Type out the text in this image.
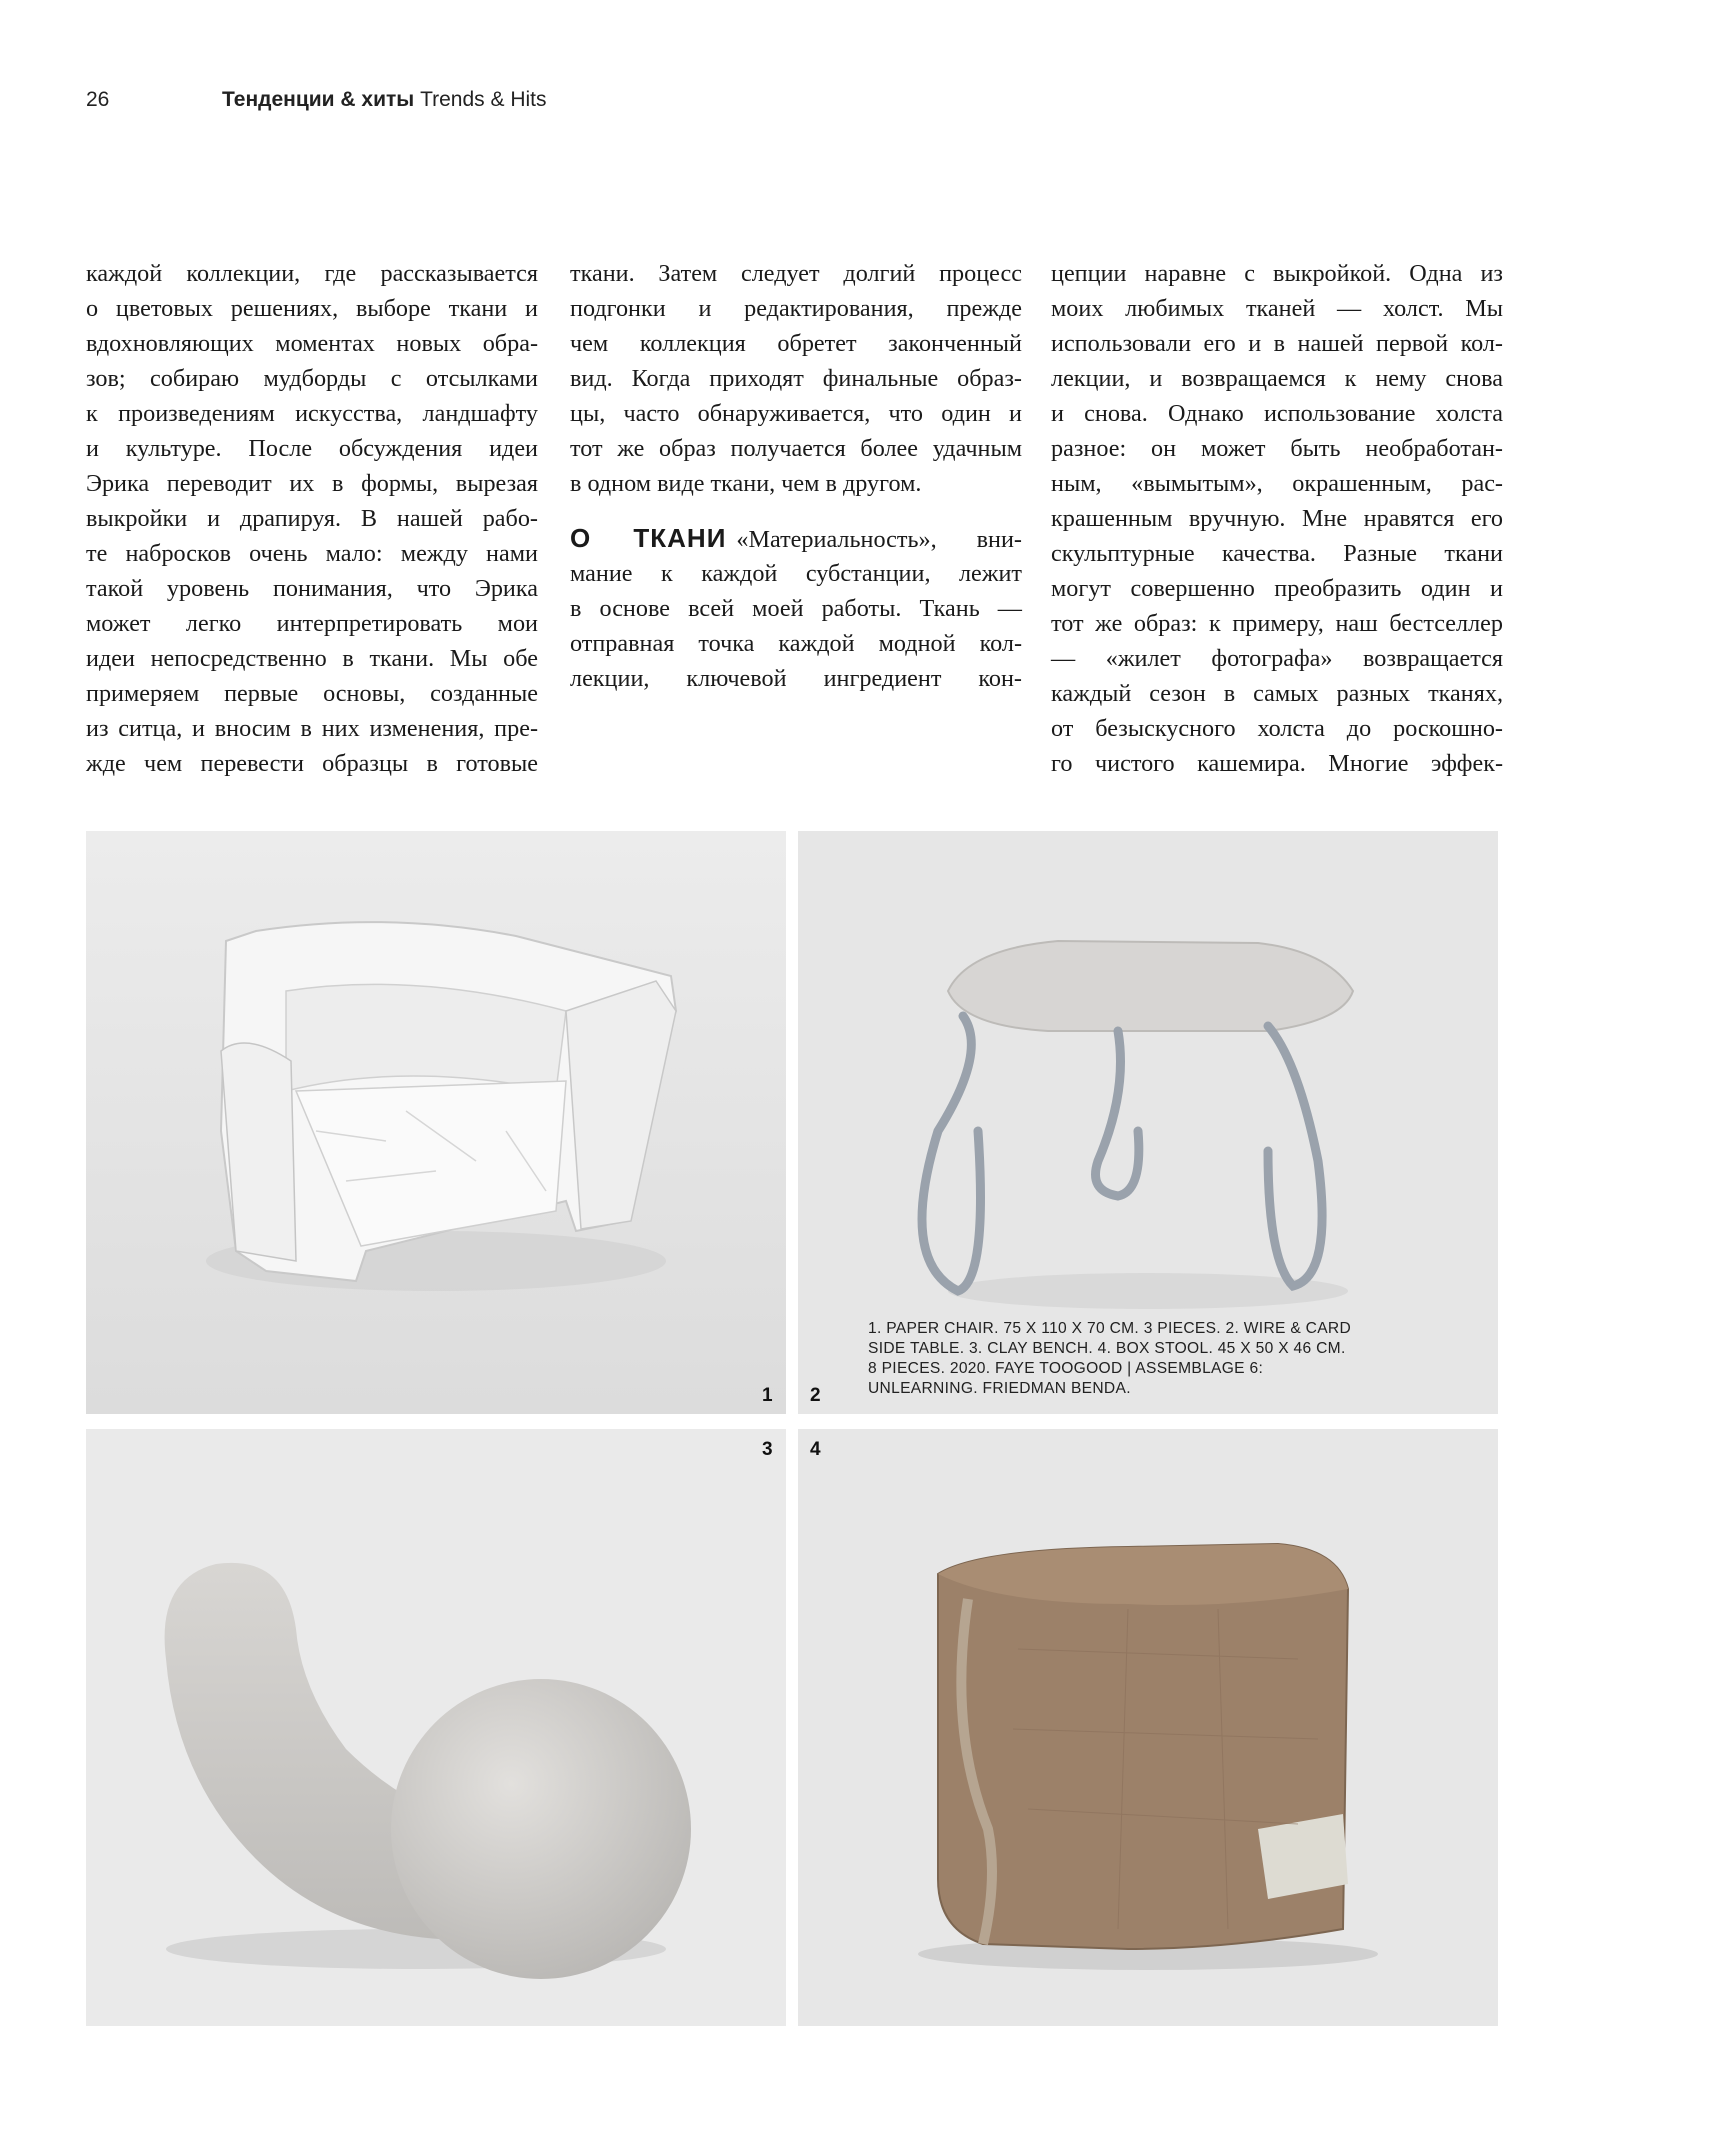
26	Тенденции & хиты Trends & Hits
каждой коллекции, где рассказывается
о цветовых решениях, выборе ткани и
вдохновляющих моментах новых обра-
зов; собираю мудборды с отсылками
к произведениям искусства, ландшафту
и культуре. После обсуждения идеи
Эрика переводит их в формы, вырезая
выкройки и драпируя. В нашей рабо-
те набросков очень мало: между нами
такой уровень понимания, что Эрика
может легко интерпретировать мои
идеи непосредственно в ткани. Мы обе
примеряем первые основы, созданные
из ситца, и вносим в них изменения, пре-
жде чем перевести образцы в готовые
ткани. Затем следует долгий процесс
подгонки и редактирования, прежде
чем коллекция обретет законченный
вид. Когда приходят финальные образ-
цы, часто обнаруживается, что один и
тот же образ получается более удачным
в одном виде ткани, чем в другом.
О ТКАНИ «Материальность», вни-
мание к каждой субстанции, лежит
в основе всей моей работы. Ткань —
отправная точка каждой модной кол-
лекции, ключевой ингредиент кон-
цепции наравне с выкройкой. Одна из
моих любимых тканей — холст. Мы
использовали его и в нашей первой кол-
лекции, и возвращаемся к нему снова
и снова. Однако использование холста
разное: он может быть необработан-
ным, «вымытым», окрашенным, рас-
крашенным вручную. Мне нравятся его
скульптурные качества. Разные ткани
могут совершенно преобразить один и
тот же образ: к примеру, наш бестселлер
— «жилет фотографа» возвращается
каждый сезон в самых разных тканях,
от безыскусного холста до роскошно-
го чистого кашемира. Многие эффек-
1 2
1. PAPER CHAIR. 75 X 110 X 70 CM. 3 PIECES. 2. WIRE & CARD
SIDE TABLE. 3. CLAY BENCH. 4. BOX STOOL. 45 X 50 X 46 CM.
8 PIECES. 2020. FAYE TOOGOOD | ASSEMBLAGE 6:
UNLEARNING. FRIEDMAN BENDA.
3 4
